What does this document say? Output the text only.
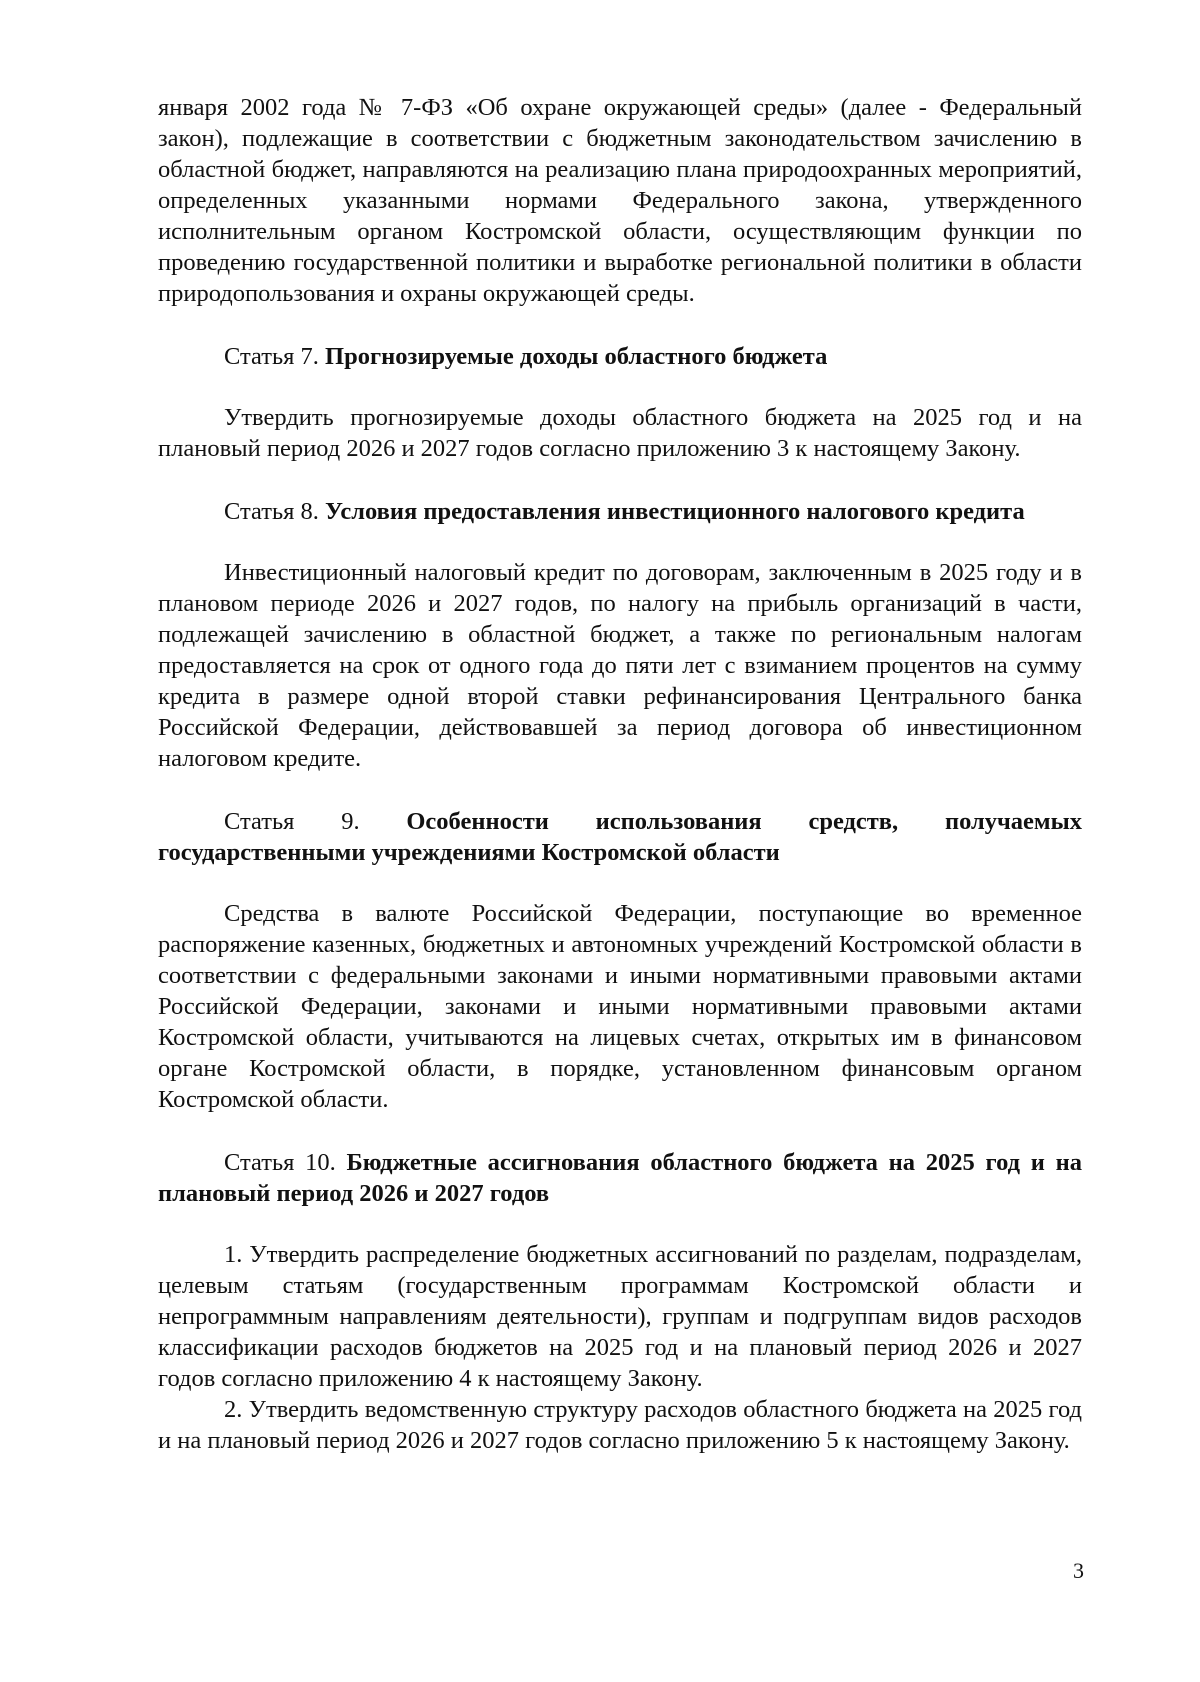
января 2002 года № 7-ФЗ «Об охране окружающей среды» (далее - Федеральный закон), подлежащие в соответствии с бюджетным законодательством зачислению в областной бюджет, направляются на реализацию плана природоохранных мероприятий, определенных указанными нормами Федерального закона, утвержденного исполнительным органом Костромской области, осуществляющим функции по проведению государственной политики и выработке региональной политики в области природопользования и охраны окружающей среды.

Статья 7. Прогнозируемые доходы областного бюджета

Утвердить прогнозируемые доходы областного бюджета на 2025 год и на плановый период 2026 и 2027 годов согласно приложению 3 к настоящему Закону.

Статья 8. Условия предоставления инвестиционного налогового кредита

Инвестиционный налоговый кредит по договорам, заключенным в 2025 году и в плановом периоде 2026 и 2027 годов, по налогу на прибыль организаций в части, подлежащей зачислению в областной бюджет, а также по региональным налогам предоставляется на срок от одного года до пяти лет с взиманием процентов на сумму кредита в размере одной второй ставки рефинансирования Центрального банка Российской Федерации, действовавшей за период договора об инвестиционном налоговом кредите.

Статья 9. Особенности использования средств, получаемых государственными учреждениями Костромской области

Средства в валюте Российской Федерации, поступающие во временное распоряжение казенных, бюджетных и автономных учреждений Костромской области в соответствии с федеральными законами и иными нормативными правовыми актами Российской Федерации, законами и иными нормативными правовыми актами Костромской области, учитываются на лицевых счетах, открытых им в финансовом органе Костромской области, в порядке, установленном финансовым органом Костромской области.

Статья 10. Бюджетные ассигнования областного бюджета на 2025 год и на плановый период 2026 и 2027 годов

1. Утвердить распределение бюджетных ассигнований по разделам, подразделам, целевым статьям (государственным программам Костромской области и непрограммным направлениям деятельности), группам и подгруппам видов расходов классификации расходов бюджетов на 2025 год и на плановый период 2026 и 2027 годов согласно приложению 4 к настоящему Закону.

2. Утвердить ведомственную структуру расходов областного бюджета на 2025 год и на плановый период 2026 и 2027 годов согласно приложению 5 к настоящему Закону.

3
